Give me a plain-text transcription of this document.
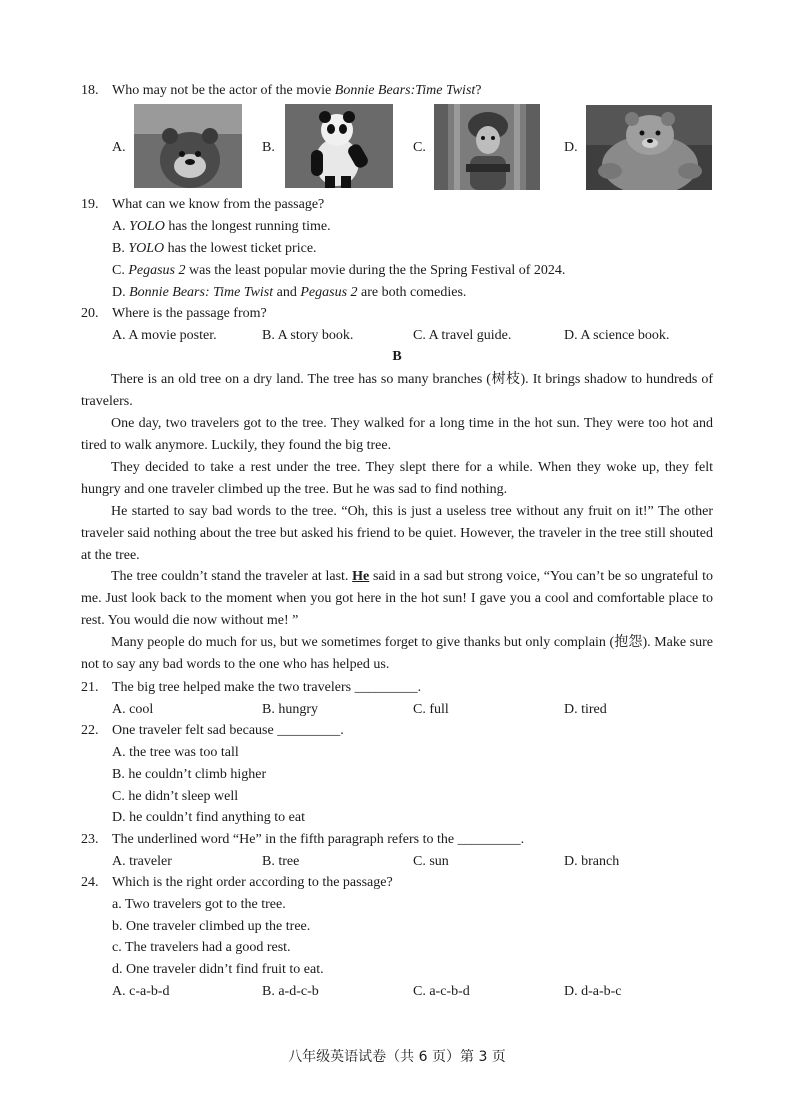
18. Who may not be the actor of the movie Bonnie Bears:Time Twist?
A.	B.	C.	D.
19. What can we know from the passage?
A. YOLO has the longest running time.
B. YOLO has the lowest ticket price.
C. Pegasus 2 was the least popular movie during the the Spring Festival of 2024.
D. Bonnie Bears: Time Twist and Pegasus 2 are both comedies.
20. Where is the passage from?
A. A movie poster.	B. A story book.	C. A travel guide.	D. A science book.
B
There is an old tree on a dry land. The tree has so many branches (树枝). It brings shadow to hundreds of travelers.
One day, two travelers got to the tree. They walked for a long time in the hot sun. They were too hot and tired to walk anymore. Luckily, they found the big tree.
They decided to take a rest under the tree. They slept there for a while. When they woke up, they felt hungry and one traveler climbed up the tree. But he was sad to find nothing.
He started to say bad words to the tree. “Oh, this is just a useless tree without any fruit on it!” The other traveler said nothing about the tree but asked his friend to be quiet. However, the traveler in the tree still shouted at the tree.
The tree couldn’t stand the traveler at last. He said in a sad but strong voice, “You can’t be so ungrateful to me. Just look back to the moment when you got here in the hot sun! I gave you a cool and comfortable place to rest. You would die now without me! ”
Many people do much for us, but we sometimes forget to give thanks but only complain (抱怨). Make sure not to say any bad words to the one who has helped us.
21. The big tree helped make the two travelers _________.
A. cool	B. hungry	C. full	D. tired
22. One traveler felt sad because _________.
A. the tree was too tall
B. he couldn’t climb higher
C. he didn’t sleep well
D. he couldn’t find anything to eat
23. The underlined word “He” in the fifth paragraph refers to the _________.
A. traveler	B. tree	C. sun	D. branch
24. Which is the right order according to the passage?
a. Two travelers got to the tree.
b. One traveler climbed up the tree.
c. The travelers had a good rest.
d. One traveler didn’t find fruit to eat.
A. c-a-b-d	B. a-d-c-b	C. a-c-b-d	D. d-a-b-c
八年级英语试卷（共 6 页）第 3 页
